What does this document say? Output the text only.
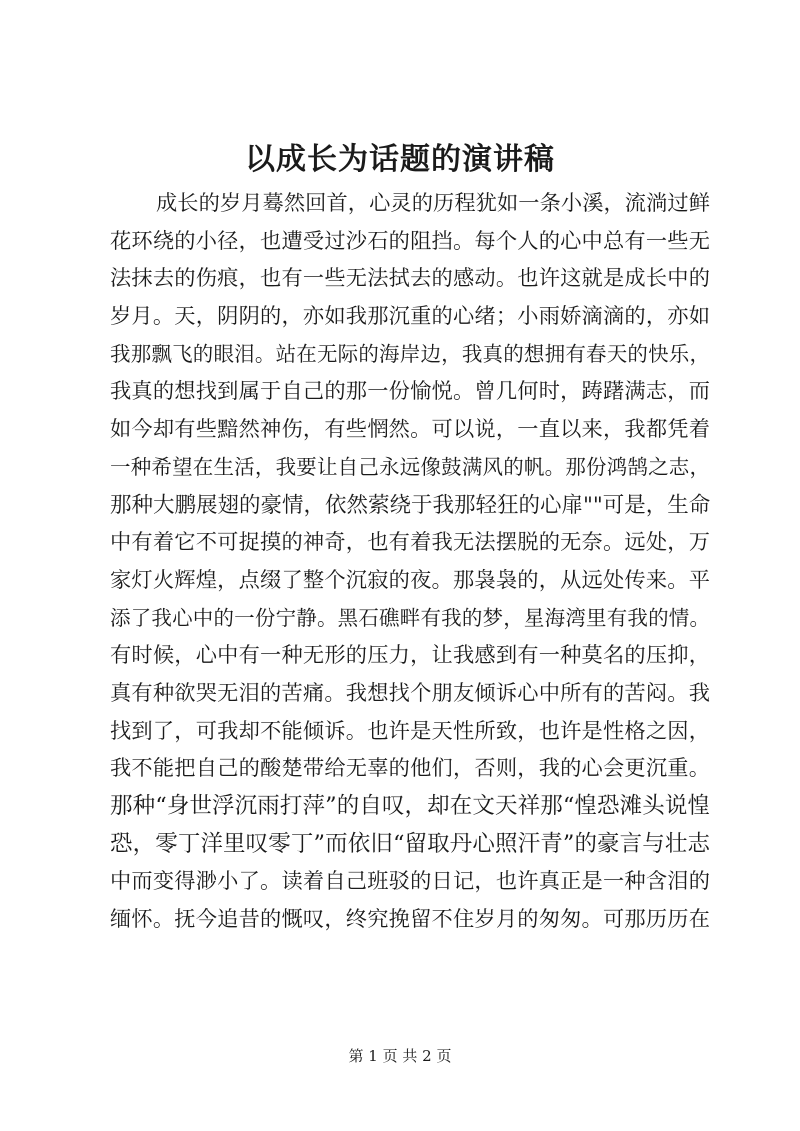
以成长为话题的演讲稿
成长的岁月蓦然回首，心灵的历程犹如一条小溪，流淌过鲜
花环绕的小径，也遭受过沙石的阻挡。每个人的心中总有一些无
法抹去的伤痕，也有一些无法拭去的感动。也许这就是成长中的
岁月。天，阴阴的，亦如我那沉重的心绪；小雨娇滴滴的，亦如
我那飘飞的眼泪。站在无际的海岸边，我真的想拥有春天的快乐，
我真的想找到属于自己的那一份愉悦。曾几何时，踌躇满志，而
如今却有些黯然神伤，有些惘然。可以说，一直以来，我都凭着
一种希望在生活，我要让自己永远像鼓满风的帆。那份鸿鹄之志，
那种大鹏展翅的豪情，依然萦绕于我那轻狂的心扉""可是，生命
中有着它不可捉摸的神奇，也有着我无法摆脱的无奈。远处，万
家灯火辉煌，点缀了整个沉寂的夜。那袅袅的，从远处传来。平
添了我心中的一份宁静。黑石礁畔有我的梦，星海湾里有我的情。
有时候，心中有一种无形的压力，让我感到有一种莫名的压抑，
真有种欲哭无泪的苦痛。我想找个朋友倾诉心中所有的苦闷。我
找到了，可我却不能倾诉。也许是天性所致，也许是性格之因，
我不能把自己的酸楚带给无辜的他们，否则，我的心会更沉重。
那种“身世浮沉雨打萍”的自叹，却在文天祥那“惶恐滩头说惶
恐，零丁洋里叹零丁”而依旧“留取丹心照汗青”的豪言与壮志
中而变得渺小了。读着自己班驳的日记，也许真正是一种含泪的
缅怀。抚今追昔的慨叹，终究挽留不住岁月的匆匆。可那历历在
第 1 页 共 2 页
